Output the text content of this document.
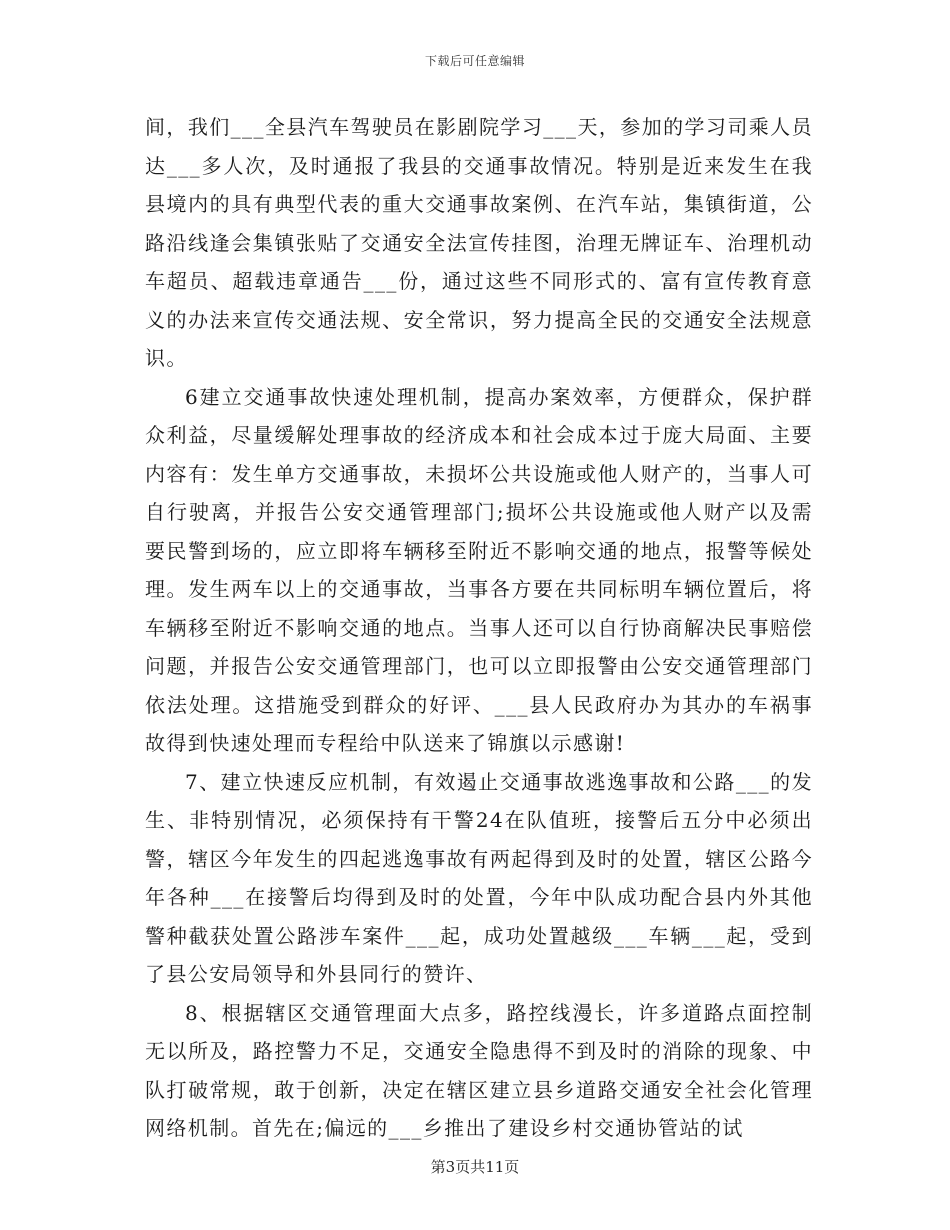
下载后可任意编辑

间，我们___全县汽车驾驶员在影剧院学习___天，参加的学习司乘人员达___多人次，及时通报了我县的交通事故情况。特别是近来发生在我县境内的具有典型代表的重大交通事故案例、在汽车站，集镇街道，公路沿线逢会集镇张贴了交通安全法宣传挂图，治理无牌证车、治理机动车超员、超载违章通告___份，通过这些不同形式的、富有宣传教育意义的办法来宣传交通法规、安全常识，努力提高全民的交通安全法规意识。

6建立交通事故快速处理机制，提高办案效率，方便群众，保护群众利益，尽量缓解处理事故的经济成本和社会成本过于庞大局面、主要内容有：发生单方交通事故，未损坏公共设施或他人财产的，当事人可自行驶离，并报告公安交通管理部门;损坏公共设施或他人财产以及需要民警到场的，应立即将车辆移至附近不影响交通的地点，报警等候处理。发生两车以上的交通事故，当事各方要在共同标明车辆位置后，将车辆移至附近不影响交通的地点。当事人还可以自行协商解决民事赔偿问题，并报告公安交通管理部门，也可以立即报警由公安交通管理部门依法处理。这措施受到群众的好评、___县人民政府办为其办的车祸事故得到快速处理而专程给中队送来了锦旗以示感谢!

7、建立快速反应机制，有效遏止交通事故逃逸事故和公路___的发生、非特别情况，必须保持有干警24在队值班，接警后五分中必须出警，辖区今年发生的四起逃逸事故有两起得到及时的处置，辖区公路今年各种___在接警后均得到及时的处置，今年中队成功配合县内外其他警种截获处置公路涉车案件___起，成功处置越级___车辆___起，受到了县公安局领导和外县同行的赞许、

8、根据辖区交通管理面大点多，路控线漫长，许多道路点面控制无以所及，路控警力不足，交通安全隐患得不到及时的消除的现象、中队打破常规，敢于创新，决定在辖区建立县乡道路交通安全社会化管理网络机制。首先在;偏远的___乡推出了建设乡村交通协管站的试

第3页共11页
